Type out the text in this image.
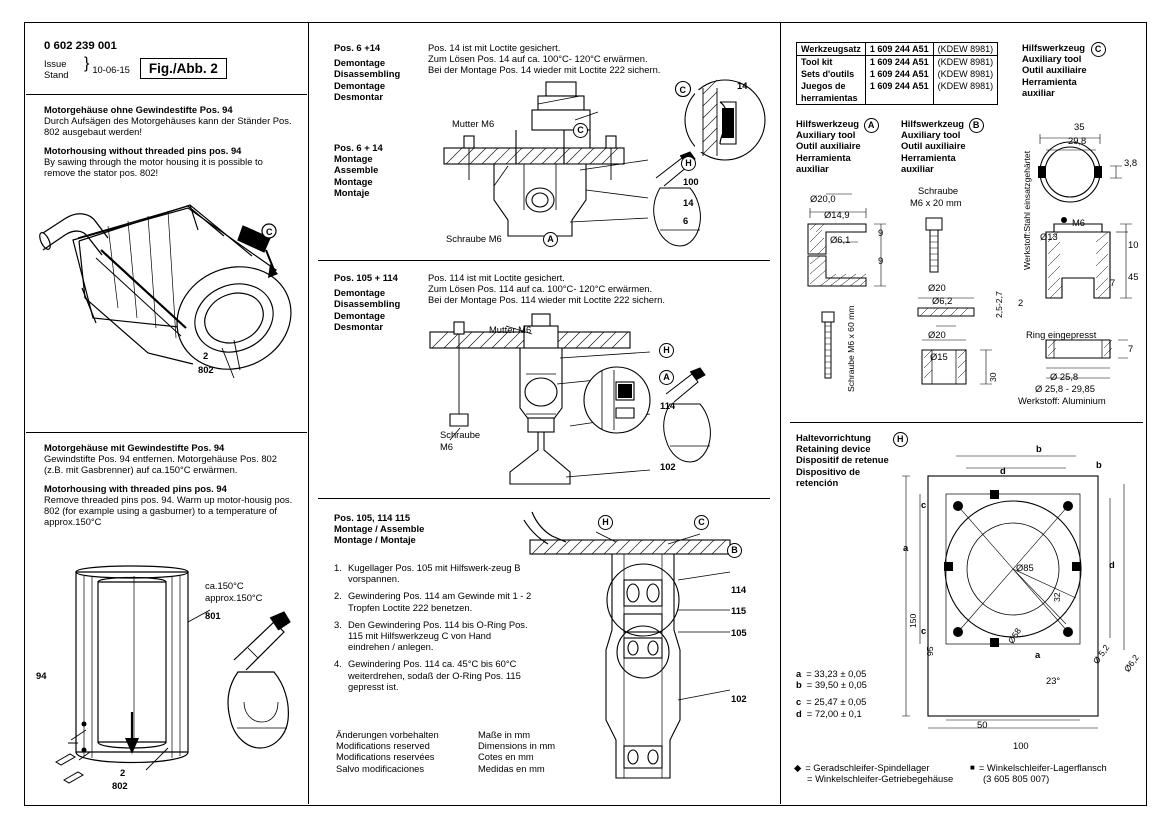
0 602 239 001
Issue
Stand
} 10-06-15	Fig./Abb. 2
Motorgehäuse ohne Gewindestifte Pos. 94
Durch Aufsägen des Motorgehäuses kann der Ständer Pos. 802 ausgebaut werden!
Motorhousing without threaded pins pos. 94
By sawing through the motor housing it is possible to remove the stator pos. 802!
C
2
802
Motorgehäuse mit Gewindestifte Pos. 94
Gewindstifte Pos. 94 entfernen. Motorgehäuse Pos. 802 (z.B. mit Gasbrenner) auf ca.150°C erwärmen.
Motorhousing with threaded pins pos. 94
Remove threaded pins pos. 94. Warm up motor-housig pos. 802 (for example using a gasburner) to a temperature of approx.150°C
94
ca.150°C
approx.150°C
801
2
802
Pos. 6 +14
Demontage
Disassembling
Demontage
Desmontar
Pos. 14 ist mit Loctite gesichert.
Zum Lösen Pos. 14 auf ca. 100°C- 120°C erwärmen.
Bei der Montage Pos. 14 wieder mit Loctite 222 sichern.
Pos. 6 + 14
Montage
Assemble
Montage
Montaje
C
Mutter M6
Schraube M6
C
A
H
100
14
6
14
Pos. 105 + 114
Demontage
Disassembling
Demontage
Desmontar
Pos. 114 ist mit Loctite gesichert.
Zum Lösen Pos. 114 auf ca. 100°C- 120°C erwärmen.
Bei der Montage Pos. 114 wieder mit Loctite 222 sichern.
Mutter M6
Schraube
M6
H
A
114
102
Pos. 105, 114 115
Montage / Assemble
Montage / Montaje
1. Kugellager Pos. 105 mit Hilfswerk-zeug B vorspannen.
2. Gewindering Pos. 114 am Gewinde mit 1 - 2 Tropfen Loctite 222 benetzen.
3. Den Gewindering Pos. 114 bis O-Ring Pos. 115 mit Hilfswerkzeug C von Hand eindrehen / anlegen.
4. Gewindering Pos. 114 ca. 45°C bis 60°C weiterdrehen, sodaß der O-Ring Pos. 115 gepresst ist.
H	C
B
114
115
105
102
Änderungen vorbehalten
Modifications reserved
Modifications reservées
Salvo modificaciones
Maße in mm
Dimensions in mm
Cotes en mm
Medidas en mm
Werkzeugsatz	1 609 244 A51	(KDEW 8981)
Tool kit	1 609 244 A51	(KDEW 8981)
Sets d'outils	1 609 244 A51	(KDEW 8981)
Juegos de	1 609 244 A51	(KDEW 8981)
herramientas		
Hilfswerkzeug
Auxiliary tool
Outil auxiliaire
Herramienta
auxiliar
C
Hilfswerkzeug
Auxiliary tool
Outil auxiliaire
Herramienta
auxiliar
A	Hilfswerkzeug
Auxiliary tool
Outil auxiliaire
Herramienta
auxiliar
B
Ø20,0
Ø14,9
Ø6,1
9
9
Schraube M6 x 60 mm
Schraube
M6 x 20 mm
Ø20
Ø6,2	2,5-2,7
Ø20
Ø15
30
35
29,8
3,8
M6
Ø13
10
45
7
2
Werkstoff:Stahl einsatzgehärtet
Ring eingepresst
Ø 25,8
Ø 25,8 - 29,85
7
Werkstoff: Aluminium
Haltevorrichtung
Retaining device
Dispositif de retenue
Dispositivo de
retención
H
b
b
d
c
a
d
c
a
150
95
50
100
Ø85
Ø58
32
23°
Ø 5,2 Ø6,2
a = 33,23 ± 0,05
b = 39,50 ± 0,05
c = 25,47 ± 0,05
d = 72,00 ± 0,1
◆ = Geradschleifer-Spindellager
= Winkelschleifer-Getriebegehäuse
■ = Winkelschleifer-Lagerflansch
(3 605 805 007)
